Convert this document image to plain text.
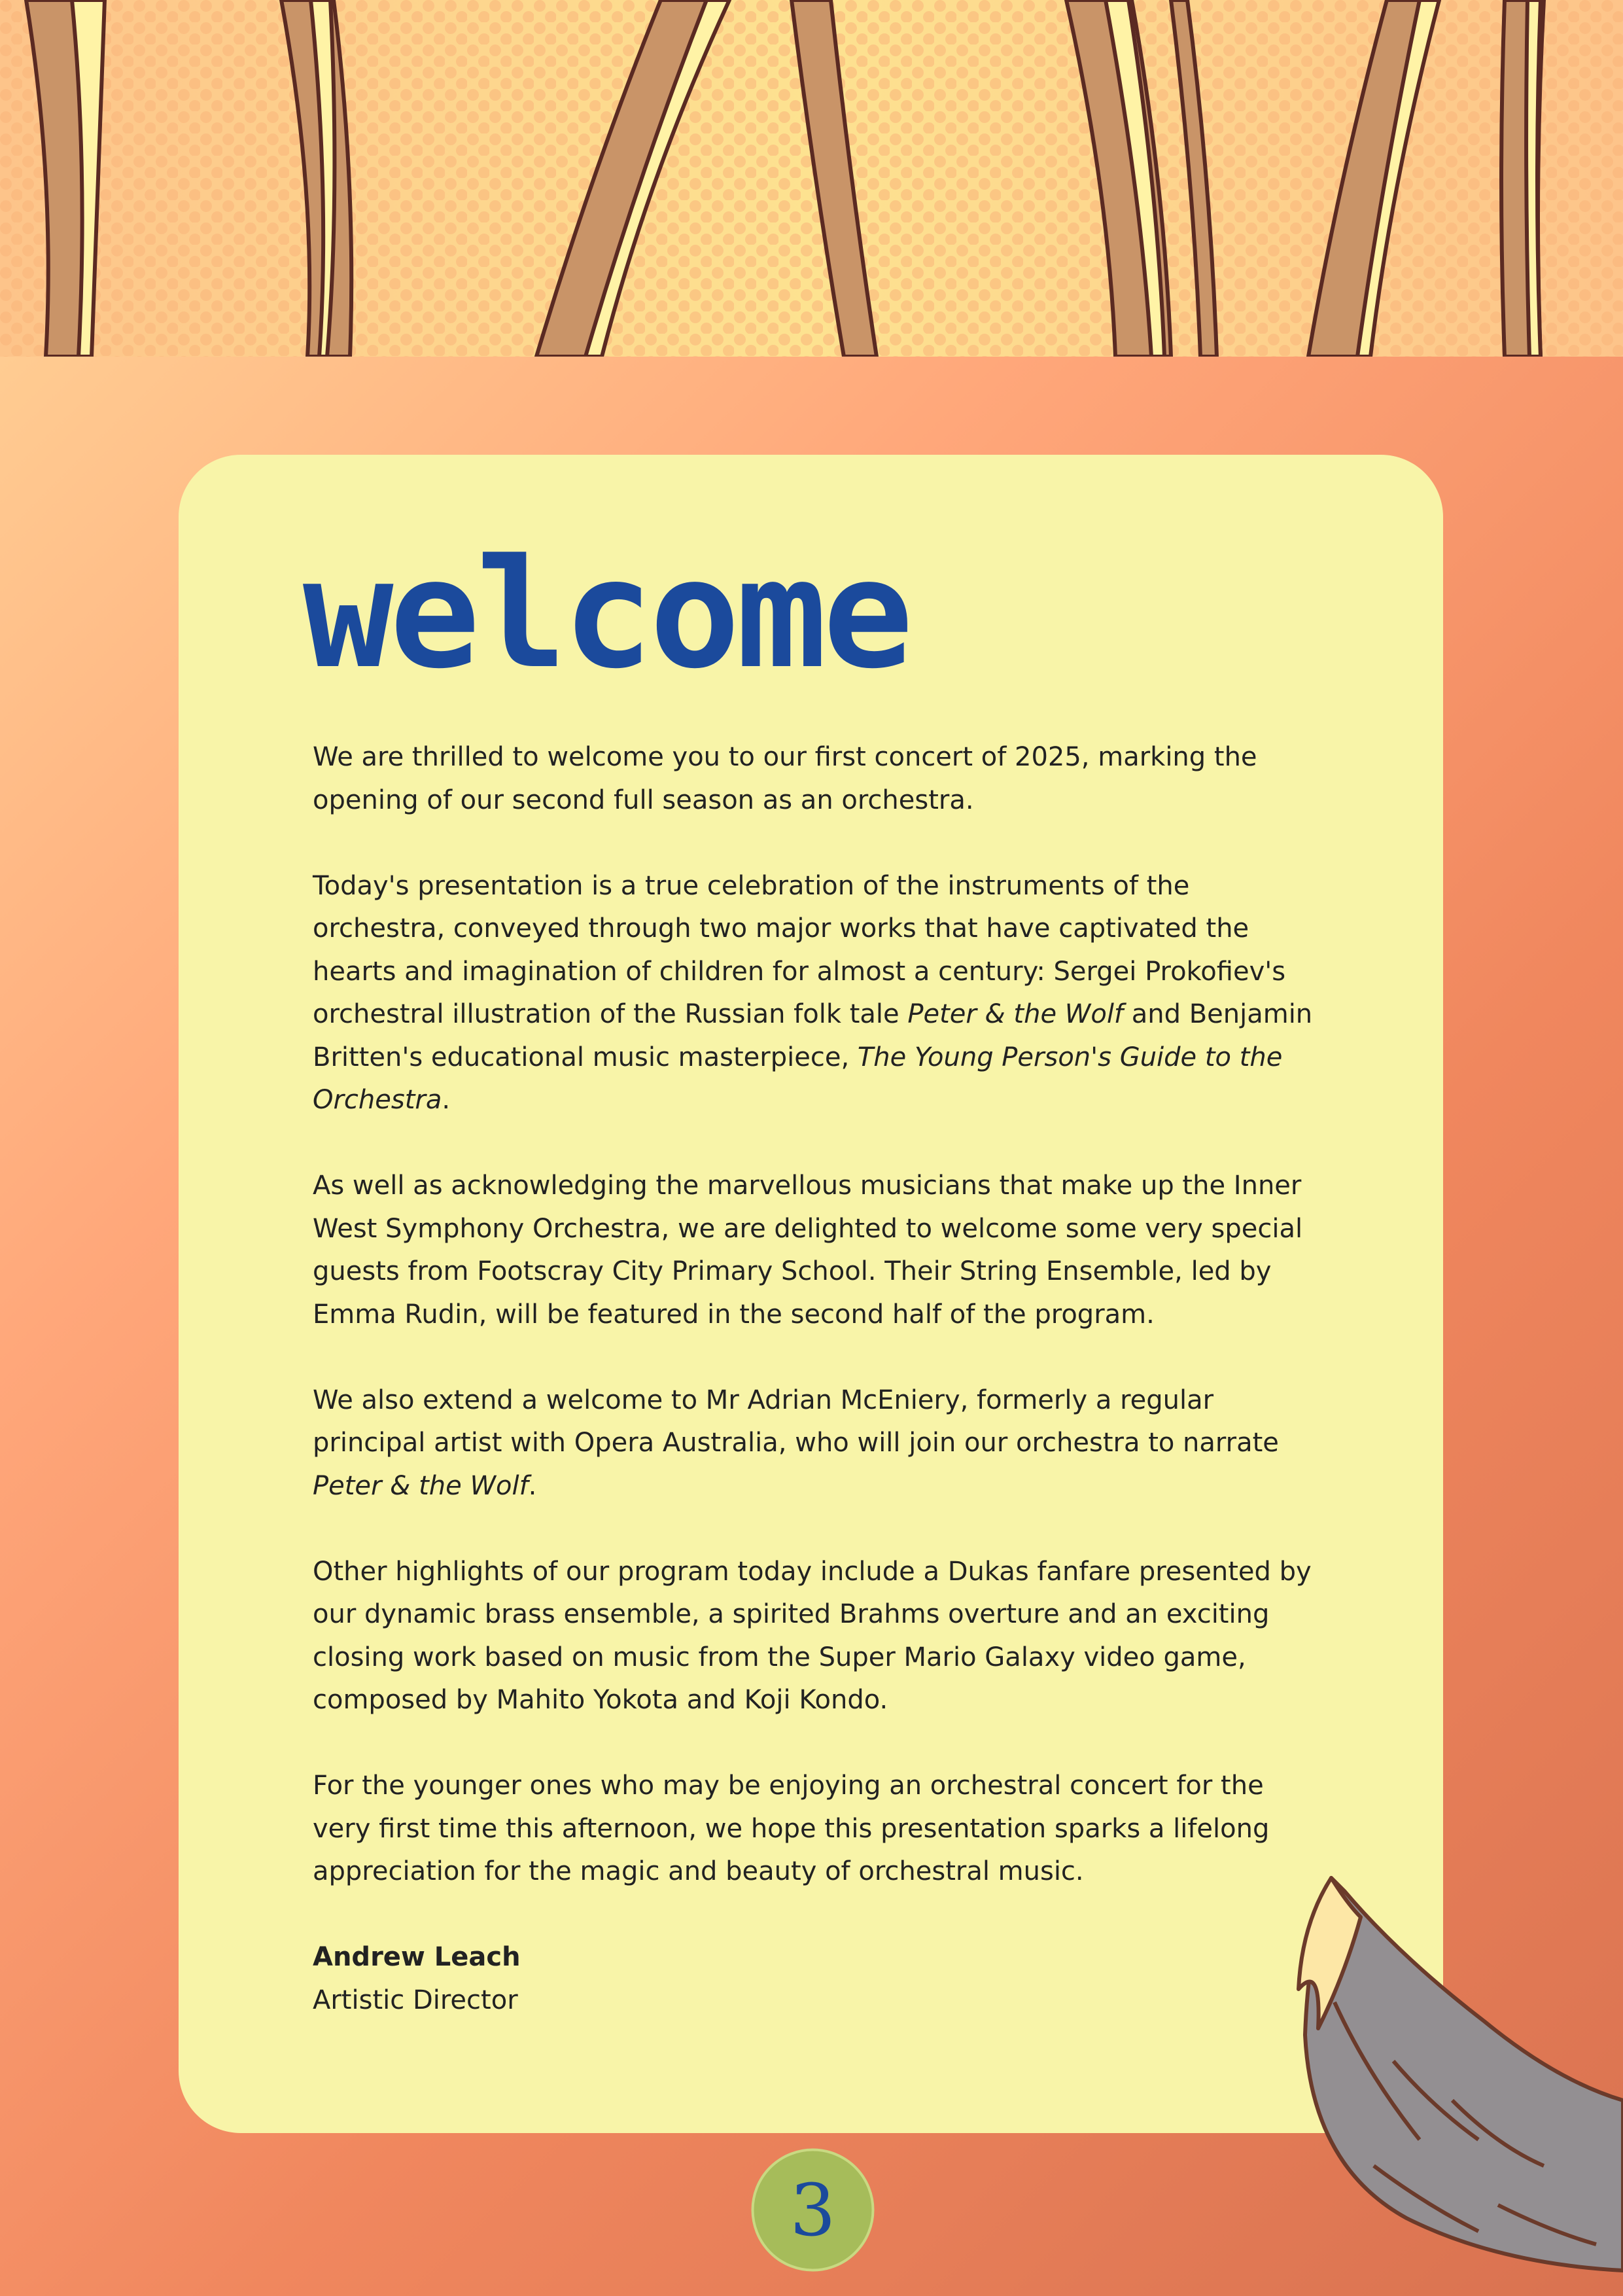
welcome

We are thrilled to welcome you to our first concert of 2025, marking the opening of our second full season as an orchestra.

Today's presentation is a true celebration of the instruments of the orchestra, conveyed through two major works that have captivated the hearts and imagination of children for almost a century: Sergei Prokofiev's orchestral illustration of the Russian folk tale Peter & the Wolf and Benjamin Britten's educational music masterpiece, The Young Person's Guide to the Orchestra.

As well as acknowledging the marvellous musicians that make up the Inner West Symphony Orchestra, we are delighted to welcome some very special guests from Footscray City Primary School. Their String Ensemble, led by Emma Rudin, will be featured in the second half of the program.

We also extend a welcome to Mr Adrian McEniery, formerly a regular principal artist with Opera Australia, who will join our orchestra to narrate Peter & the Wolf.

Other highlights of our program today include a Dukas fanfare presented by our dynamic brass ensemble, a spirited Brahms overture and an exciting closing work based on music from the Super Mario Galaxy video game, composed by Mahito Yokota and Koji Kondo.

For the younger ones who may be enjoying an orchestral concert for the very first time this afternoon, we hope this presentation sparks a lifelong appreciation for the magic and beauty of orchestral music.

Andrew Leach
Artistic Director

3
